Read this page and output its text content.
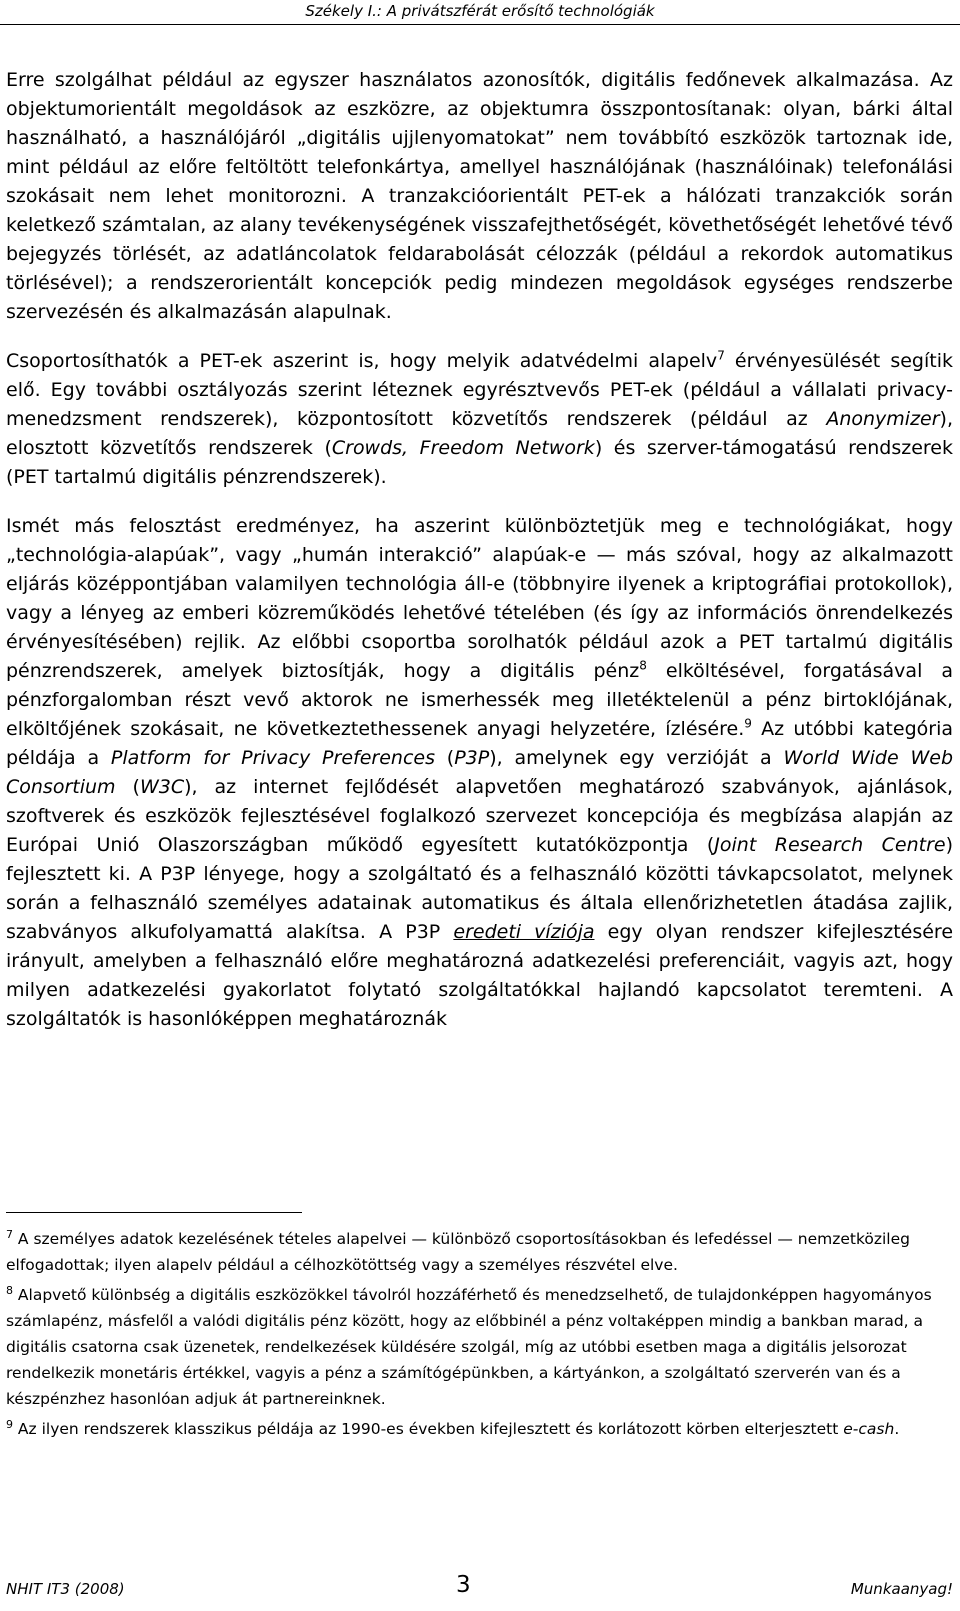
Székely I.: A privátszférát erősítő technológiák

Erre szolgálhat például az egyszer használatos azonosítók, digitális fedőnevek alkalmazása. Az objektumorientált megoldások az eszközre, az objektumra összpontosítanak: olyan, bárki által használható, a használójáról „digitális ujjlenyomatokat” nem továbbító eszközök tartoznak ide, mint például az előre feltöltött telefonkártya, amellyel használójának (használóinak) telefonálási szokásait nem lehet monitorozni. A tranzakcióorientált PET-ek a hálózati tranzakciók során keletkező számtalan, az alany tevékenységének visszafejthetőségét, követhetőségét lehetővé tévő bejegyzés törlését, az adatláncolatok feldarabolását célozzák (például a rekordok automatikus törlésével); a rendszerorientált koncepciók pedig mindezen megoldások egységes rendszerbe szervezésén és alkalmazásán alapulnak.

Csoportosíthatók a PET-ek aszerint is, hogy melyik adatvédelmi alapelv$^7$ érvényesülését segítik elő. Egy további osztályozás szerint léteznek egyrésztvevős PET-ek (például a vállalati privacy-menedzsment rendszerek), központosított közvetítős rendszerek (például az Anonymizer), elosztott közvetítős rendszerek (Crowds, Freedom Network) és szerver-támogatású rendszerek (PET tartalmú digitális pénzrendszerek).

Ismét más felosztást eredményez, ha aszerint különböztetjük meg e technológiákat, hogy „technológia-alapúak”, vagy „humán interakció” alapúak-e — más szóval, hogy az alkalmazott eljárás középpontjában valamilyen technológia áll-e (többnyire ilyenek a kriptográfiai protokollok), vagy a lényeg az emberi közreműködés lehetővé tételében (és így az információs önrendelkezés érvényesítésében) rejlik. Az előbbi csoportba sorolhatók például azok a PET tartalmú digitális pénzrendszerek, amelyek biztosítják, hogy a digitális pénz$^8$ elköltésével, forgatásával a pénzforgalomban részt vevő aktorok ne ismerhessék meg illetéktelenül a pénz birtoklójának, elköltőjének szokásait, ne következtethessenek anyagi helyzetére, ízlésére.$^9$ Az utóbbi kategória példája a Platform for Privacy Preferences (P3P), amelynek egy verzióját a World Wide Web Consortium (W3C), az internet fejlődését alapvetően meghatározó szabványok, ajánlások, szoftverek és eszközök fejlesztésével foglalkozó szervezet koncepciója és megbízása alapján az Európai Unió Olaszországban működő egyesített kutatóközpontja (Joint Research Centre) fejlesztett ki. A P3P lényege, hogy a szolgáltató és a felhasználó közötti távkapcsolatot, melynek során a felhasználó személyes adatainak automatikus és általa ellenőrizhetetlen átadása zajlik, szabványos alkufolyamattá alakítsa. A P3P eredeti víziója egy olyan rendszer kifejlesztésére irányult, amelyben a felhasználó előre meghatározná adatkezelési preferenciáit, vagyis azt, hogy milyen adatkezelési gyakorlatot folytató szolgáltatókkal hajlandó kapcsolatot teremteni. A szolgáltatók is hasonlóképpen meghatároznák

$^7$ A személyes adatok kezelésének tételes alapelvei — különböző csoportosításokban és lefedéssel — nemzetközileg elfogadottak; ilyen alapelv például a célhozkötöttség vagy a személyes részvétel elve.

$^8$ Alapvető különbség a digitális eszközökkel távolról hozzáférhető és menedzselhető, de tulajdonképpen hagyományos számlapénz, másfelől a valódi digitális pénz között, hogy az előbbinél a pénz voltaképpen mindig a bankban marad, a digitális csatorna csak üzenetek, rendelkezések küldésére szolgál, míg az utóbbi esetben maga a digitális jelsorozat rendelkezik monetáris értékkel, vagyis a pénz a számítógépünkben, a kártyánkon, a szolgáltató szerverén van és a készpénzhez hasonlóan adjuk át partnereinknek.

$^9$ Az ilyen rendszerek klasszikus példája az 1990-es években kifejlesztett és korlátozott körben elterjesztett e-cash.

NHIT IT3 (2008)	3	Munkaanyag!
